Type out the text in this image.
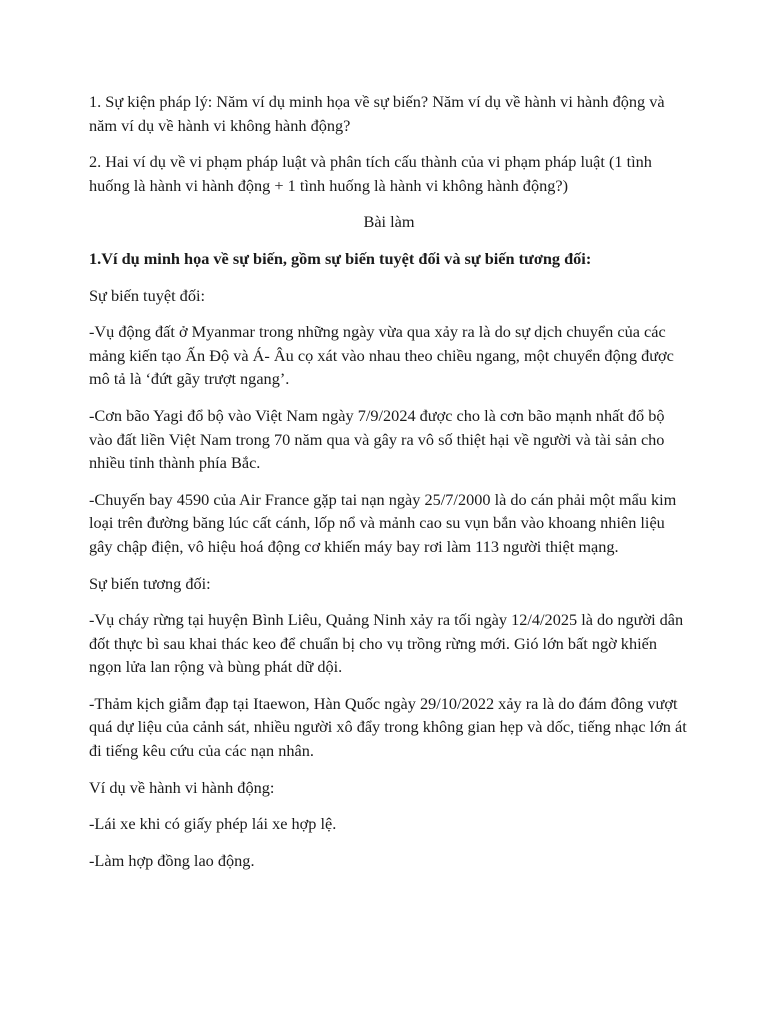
1. Sự kiện pháp lý: Năm ví dụ minh họa về sự biến? Năm ví dụ về hành vi hành động và năm ví dụ về hành vi không hành động?

2. Hai ví dụ về vi phạm pháp luật và phân tích cấu thành của vi phạm pháp luật (1 tình huống là hành vi hành động + 1 tình huống là hành vi không hành động?)

Bài làm

1.Ví dụ minh họa về sự biến, gồm sự biến tuyệt đối và sự biến tương đối:

Sự biến tuyệt đối:

-Vụ động đất ở Myanmar trong những ngày vừa qua xảy ra là do sự dịch chuyển của các mảng kiến tạo Ấn Độ và Á- Âu cọ xát vào nhau theo chiều ngang, một chuyển động được mô tả là ‘đứt gãy trượt ngang’.

-Cơn bão Yagi đổ bộ vào Việt Nam ngày 7/9/2024 được cho là cơn bão mạnh nhất đổ bộ vào đất liền Việt Nam trong 70 năm qua và gây ra vô số thiệt hại về người và tài sản cho nhiều tỉnh thành phía Bắc.

-Chuyến bay 4590 của Air France gặp tai nạn ngày 25/7/2000 là do cán phải một mẩu kim loại trên đường băng lúc cất cánh, lốp nổ và mảnh cao su vụn bắn vào khoang nhiên liệu gây chập điện, vô hiệu hoá động cơ khiến máy bay rơi làm 113 người thiệt mạng.

Sự biến tương đối:

-Vụ cháy rừng tại huyện Bình Liêu, Quảng Ninh xảy ra tối ngày 12/4/2025 là do người dân đốt thực bì sau khai thác keo để chuẩn bị cho vụ trồng rừng mới. Gió lớn bất ngờ khiến ngọn lửa lan rộng và bùng phát dữ dội.

-Thảm kịch giẫm đạp tại Itaewon, Hàn Quốc ngày 29/10/2022 xảy ra là do đám đông vượt quá dự liệu của cảnh sát, nhiều người xô đẩy trong không gian hẹp và dốc, tiếng nhạc lớn át đi tiếng kêu cứu của các nạn nhân.

Ví dụ về hành vi hành động:

-Lái xe khi có giấy phép lái xe hợp lệ.

-Làm hợp đồng lao động.
